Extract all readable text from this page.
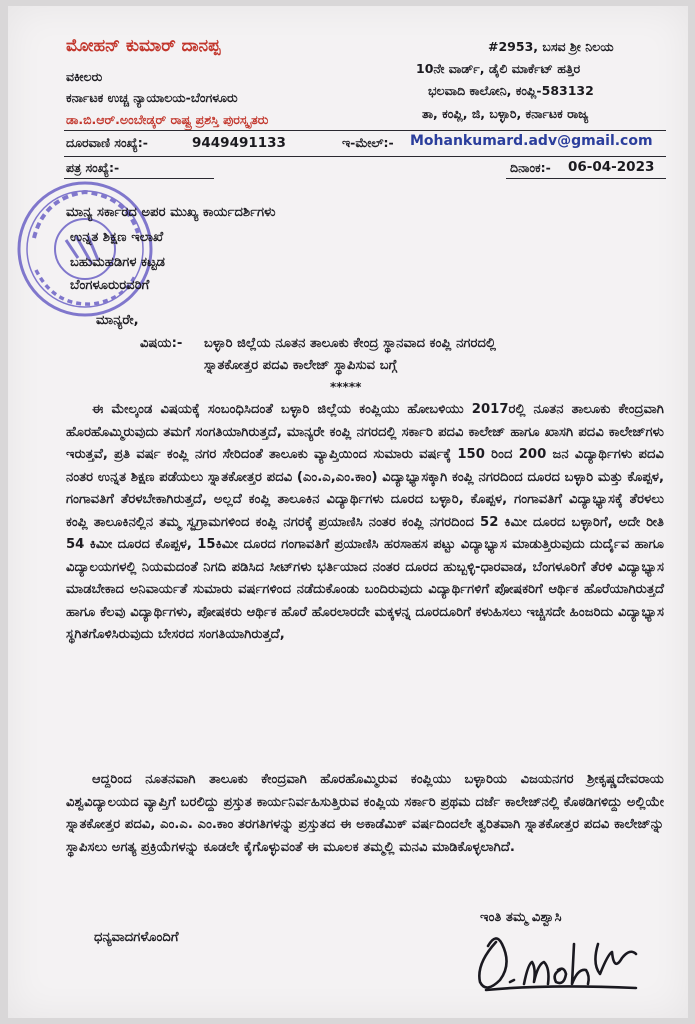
ಮೋಹನ್ ಕುಮಾರ್ ದಾನಪ್ಪ
ವಕೀಲರು
ಕರ್ನಾಟಕ ಉಚ್ಚ ನ್ಯಾಯಾಲಯ-ಬೆಂಗಳೂರು
ಡಾ.ಬಿ.ಆರ್.ಅಂಬೇಡ್ಕರ್ ರಾಷ್ಟ್ರ ಪ್ರಶಸ್ತಿ ಪುರಸ್ಕೃತರು
#2953, ಬಸವ ಶ್ರೀ ನಿಲಯ
10ನೇ ವಾರ್ಡ್, ಡೈಲಿ ಮಾರ್ಕೆಟ್ ಹತ್ತಿರ
ಭಲವಾದಿ ಕಾಲೋನಿ, ಕಂಪ್ಲಿ-583132
ತಾ, ಕಂಪ್ಲಿ, ಜಿ, ಬಳ್ಳಾರಿ, ಕರ್ನಾಟಕ ರಾಜ್ಯ
ದೂರವಾಣಿ ಸಂಖ್ಯೆ:-	9449491133	ಇ-ಮೇಲ್:- Mohankumard.adv@gmail.com
ಪತ್ರ ಸಂಖ್ಯೆ:-	ದಿನಾಂಕ:- 06-04-2023
ಮಾನ್ಯ ಸರ್ಕಾರದ ಅಪರ ಮುಖ್ಯ ಕಾರ್ಯದರ್ಶಿಗಳು
ಉನ್ನತ ಶಿಕ್ಷಣ ಇಲಾಖೆ
ಬಹುಮಹಡಿಗಳ ಕಟ್ಟಡ
ಬೆಂಗಳೂರುರವರಿಗೆ
ಮಾನ್ಯರೇ,
ವಿಷಯ:- ಬಳ್ಳಾರಿ ಜಿಲ್ಲೆಯ ನೂತನ ತಾಲೂಕು ಕೇಂದ್ರ ಸ್ಥಾನವಾದ ಕಂಪ್ಲಿ ನಗರದಲ್ಲಿ
ಸ್ನಾತಕೋತ್ತರ ಪದವಿ ಕಾಲೇಜ್ ಸ್ಥಾಪಿಸುವ ಬಗ್ಗೆ
*****
ಈ ಮೇಲ್ಕಂಡ ವಿಷಯಕ್ಕೆ ಸಂಬಂಧಿಸಿದಂತೆ ಬಳ್ಳಾರಿ ಜಿಲ್ಲೆಯ ಕಂಪ್ಲಿಯು ಹೋಬಳಿಯು 2017ರಲ್ಲಿ ನೂತನ ತಾಲೂಕು ಕೇಂದ್ರವಾಗಿ ಹೊರಹೊಮ್ಮಿರುವುದು ತಮಗೆ ಸಂಗತಿಯಾಗಿರುತ್ತದೆ, ಮಾನ್ಯರೇ ಕಂಪ್ಲಿ ನಗರದಲ್ಲಿ ಸರ್ಕಾರಿ ಪದವಿ ಕಾಲೇಜ್ ಹಾಗೂ ಖಾಸಗಿ ಪದವಿ ಕಾಲೇಜ್‌ಗಳು ಇರುತ್ತವೆ, ಪ್ರತಿ ವರ್ಷ ಕಂಪ್ಲಿ ನಗರ ಸೇರಿದಂತೆ ತಾಲೂಕು ವ್ಯಾಪ್ತಿಯಿಂದ ಸುಮಾರು ವರ್ಷಕ್ಕೆ 150 ರಿಂದ 200 ಜನ ವಿದ್ಯಾರ್ಥಿಗಳು ಪದವಿ ನಂತರ ಉನ್ನತ ಶಿಕ್ಷಣ ಪಡೆಯಲು ಸ್ನಾತಕೋತ್ತರ ಪದವಿ (ಎಂ.ಎ,ಎಂ.ಕಾಂ) ವಿದ್ಯಾಭ್ಯಾಸಕ್ಕಾಗಿ ಕಂಪ್ಲಿ ನಗರದಿಂದ ದೂರದ ಬಳ್ಳಾರಿ ಮತ್ತು ಕೊಪ್ಪಳ, ಗಂಗಾವತಿಗೆ ತೆರಳಬೇಕಾಗಿರುತ್ತದೆ, ಅಲ್ಲದೆ ಕಂಪ್ಲಿ ತಾಲೂಕಿನ ವಿದ್ಯಾರ್ಥಿಗಳು ದೂರದ ಬಳ್ಳಾರಿ, ಕೊಪ್ಪಳ, ಗಂಗಾವತಿಗೆ ವಿದ್ಯಾಭ್ಯಾಸಕ್ಕೆ ತೆರಳಲು ಕಂಪ್ಲಿ ತಾಲೂಕಿನಲ್ಲಿನ ತಮ್ಮ ಸ್ವಗ್ರಾಮಗಳಿಂದ ಕಂಪ್ಲಿ ನಗರಕ್ಕೆ ಪ್ರಯಾಣಿಸಿ ನಂತರ ಕಂಪ್ಲಿ ನಗರದಿಂದ 52 ಕಿಮೀ ದೂರದ ಬಳ್ಳಾರಿಗೆ, ಅದೇ ರೀತಿ 54 ಕಿಮೀ ದೂರದ ಕೊಪ್ಪಳ, 15ಕಿಮೀ ದೂರದ ಗಂಗಾವತಿಗೆ ಪ್ರಯಾಣಿಸಿ ಹರಸಾಹಸ ಪಟ್ಟು ವಿದ್ಯಾಭ್ಯಾಸ ಮಾಡುತ್ತಿರುವುದು ದುರ್ದೈವ ಹಾಗೂ ವಿದ್ಯಾಲಯಗಳಲ್ಲಿ ನಿಯಮದಂತೆ ನಿಗದಿ ಪಡಿಸಿದ ಸೀಟ್‌ಗಳು ಭರ್ತಿಯಾದ ನಂತರ ದೂರದ ಹುಬ್ಬಳ್ಳಿ-ಧಾರವಾಡ, ಬೆಂಗಳೂರಿಗೆ ತೆರಳಿ ವಿದ್ಯಾಭ್ಯಾಸ ಮಾಡಬೇಕಾದ ಅನಿವಾರ್ಯತೆ ಸುಮಾರು ವರ್ಷಗಳಿಂದ ನಡೆದುಕೊಂಡು ಬಂದಿರುವುದು ವಿದ್ಯಾರ್ಥಿಗಳಿಗೆ ಪೋಷಕರಿಗೆ ಆರ್ಥಿಕ ಹೊರೆಯಾಗಿರುತ್ತದೆ ಹಾಗೂ ಕೆಲವು ವಿದ್ಯಾರ್ಥಿಗಳು, ಪೋಷಕರು ಆರ್ಥಿಕ ಹೊರೆ ಹೊರಲಾರದೇ ಮಕ್ಕಳನ್ನ ದೂರದೂರಿಗೆ ಕಳುಹಿಸಲು ಇಚ್ಚಿಸದೇ ಹಿಂಜರಿದು ವಿದ್ಯಾಭ್ಯಾಸ ಸ್ಥಗಿತಗೊಳಿಸಿರುವುದು ಬೇಸರದ ಸಂಗತಿಯಾಗಿರುತ್ತದೆ,
ಆದ್ದರಿಂದ ನೂತನವಾಗಿ ತಾಲೂಕು ಕೇಂದ್ರವಾಗಿ ಹೊರಹೊಮ್ಮಿರುವ ಕಂಪ್ಲಿಯು ಬಳ್ಳಾರಿಯ ವಿಜಯನಗರ ಶ್ರೀಕೃಷ್ಣದೇವರಾಯ ವಿಶ್ವವಿದ್ಯಾಲಯದ ವ್ಯಾಪ್ತಿಗೆ ಬರಲಿದ್ದು ಪ್ರಸ್ತುತ ಕಾರ್ಯನಿರ್ವಹಿಸುತ್ತಿರುವ ಕಂಪ್ಲಿಯ ಸರ್ಕಾರಿ ಪ್ರಥಮ ದರ್ಜೆ ಕಾಲೇಜ್‌ನಲ್ಲಿ ಕೊಠಡಿಗಳಿದ್ದು ಅಲ್ಲಿಯೇ ಸ್ನಾತಕೋತ್ತರ ಪದವಿ, ಎಂ.ಎ. ಎಂ.ಕಾಂ ತರಗತಿಗಳನ್ನು ಪ್ರಸ್ತುತದ ಈ ಅಕಾಡೆಮಿಕ್ ವರ್ಷದಿಂದಲೇ ತ್ವರಿತವಾಗಿ ಸ್ನಾತಕೋತ್ತರ ಪದವಿ ಕಾಲೇಜ್‌ನ್ನು ಸ್ಥಾಪಿಸಲು ಅಗತ್ಯ ಪ್ರಕ್ರಿಯೆಗಳನ್ನು ಕೂಡಲೇ ಕೈಗೊಳ್ಳುವಂತೆ ಈ ಮೂಲಕ ತಮ್ಮಲ್ಲಿ ಮನವಿ ಮಾಡಿಕೊಳ್ಳಲಾಗಿದೆ.
ಧನ್ಯವಾದಗಳೊಂದಿಗೆ
ಇಂತಿ ತಮ್ಮ ವಿಶ್ವಾಸಿ
